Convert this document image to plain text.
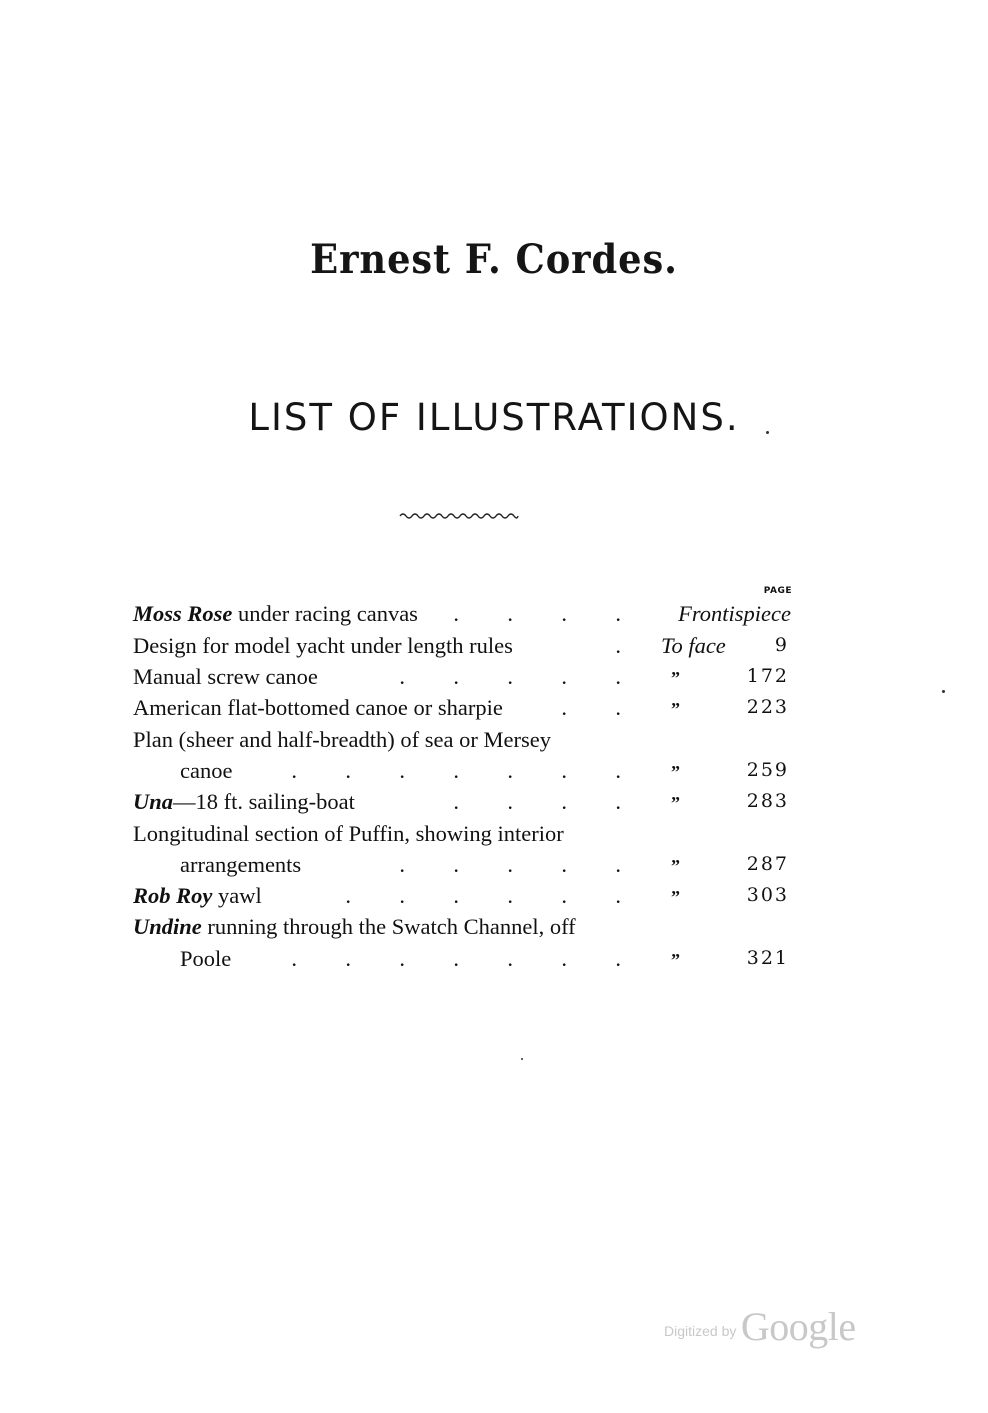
Ernest F. Cordes.
LIST OF ILLUSTRATIONS.
PAGE
Moss Rose under racing canvas	. . . .	Frontispiece
Design for model yacht under length rules	. To face	9
Manual screw canoe	. . . . .	”	172
American flat-bottomed canoe or sharpie	. .	”	223
Plan (sheer and half-breadth) of sea or Mersey
canoe	. . . . . . .	”	259
Una—18 ft. sailing-boat	. . . .	”	283
Longitudinal section of Puffin, showing interior
arrangements	. . . . .	”	287
Rob Roy yawl	. . . . . .	”	303
Undine running through the Swatch Channel, off
Poole	. . . . . . .	”	321
Digitized by Google
